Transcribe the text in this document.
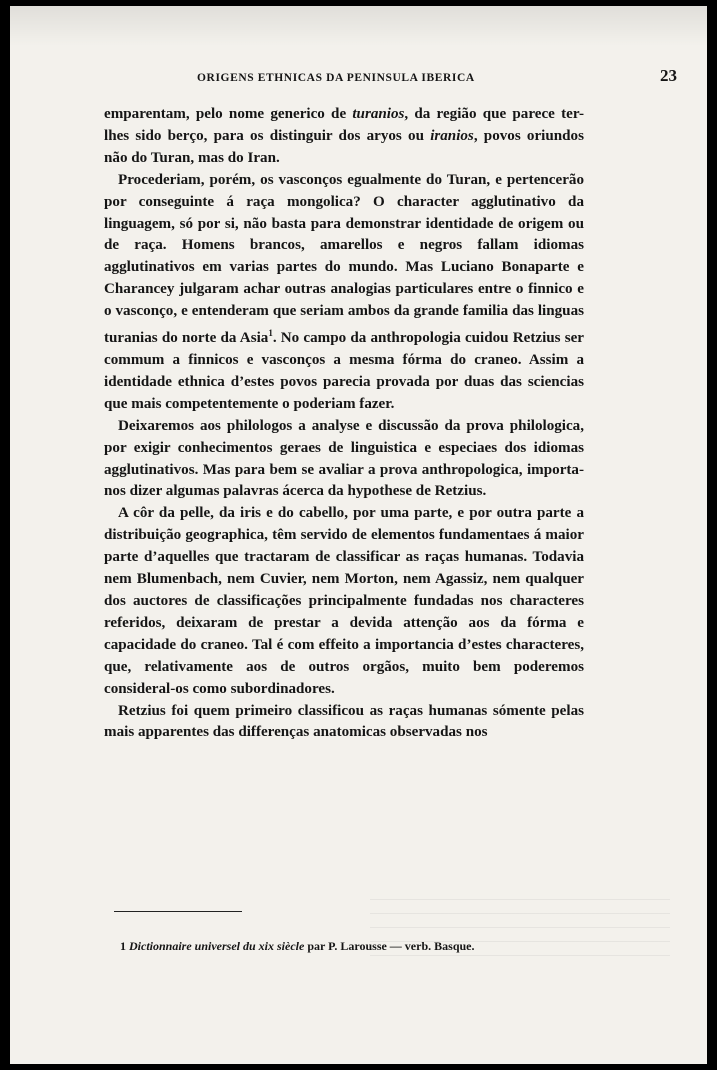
ORIGENS ETHNICAS DA PENINSULA IBERICA	23

emparentam, pelo nome generico de turanios, da região que parece ter-lhes sido berço, para os distinguir dos aryos ou iranios, povos oriundos não do Turan, mas do Iran.

Procederiam, porém, os vasconços egualmente do Turan, e pertencerão por conseguinte á raça mongolica? O character agglutinativo da linguagem, só por si, não basta para demonstrar identidade de origem ou de raça. Homens brancos, amarellos e negros fallam idiomas agglutinativos em varias partes do mundo. Mas Luciano Bonaparte e Charancey julgaram achar outras analogias particulares entre o finnico e o vasconço, e entenderam que seriam ambos da grande familia das linguas turanias do norte da Asia$^1$. No campo da anthropologia cuidou Retzius ser commum a finnicos e vasconços a mesma fórma do craneo. Assim a identidade ethnica d’estes povos parecia provada por duas das sciencias que mais competentemente o poderiam fazer.

Deixaremos aos philologos a analyse e discussão da prova philologica, por exigir conhecimentos geraes de linguistica e especiaes dos idiomas agglutinativos. Mas para bem se avaliar a prova anthropologica, importa-nos dizer algumas palavras ácerca da hypothese de Retzius.

A côr da pelle, da iris e do cabello, por uma parte, e por outra parte a distribuição geographica, têm servido de elementos fundamentaes á maior parte d’aquelles que tractaram de classificar as raças humanas. Todavia nem Blumenbach, nem Cuvier, nem Morton, nem Agassiz, nem qualquer dos auctores de classificações principalmente fundadas nos characteres referidos, deixaram de prestar a devida attenção aos da fórma e capacidade do craneo. Tal é com effeito a importancia d’estes characteres, que, relativamente aos de outros orgãos, muito bem poderemos consideral-os como subordinadores.

Retzius foi quem primeiro classificou as raças humanas sómente pelas mais apparentes das differenças anatomicas observadas nos

1 Dictionnaire universel du xix siècle par P. Larousse — verb. Basque.
